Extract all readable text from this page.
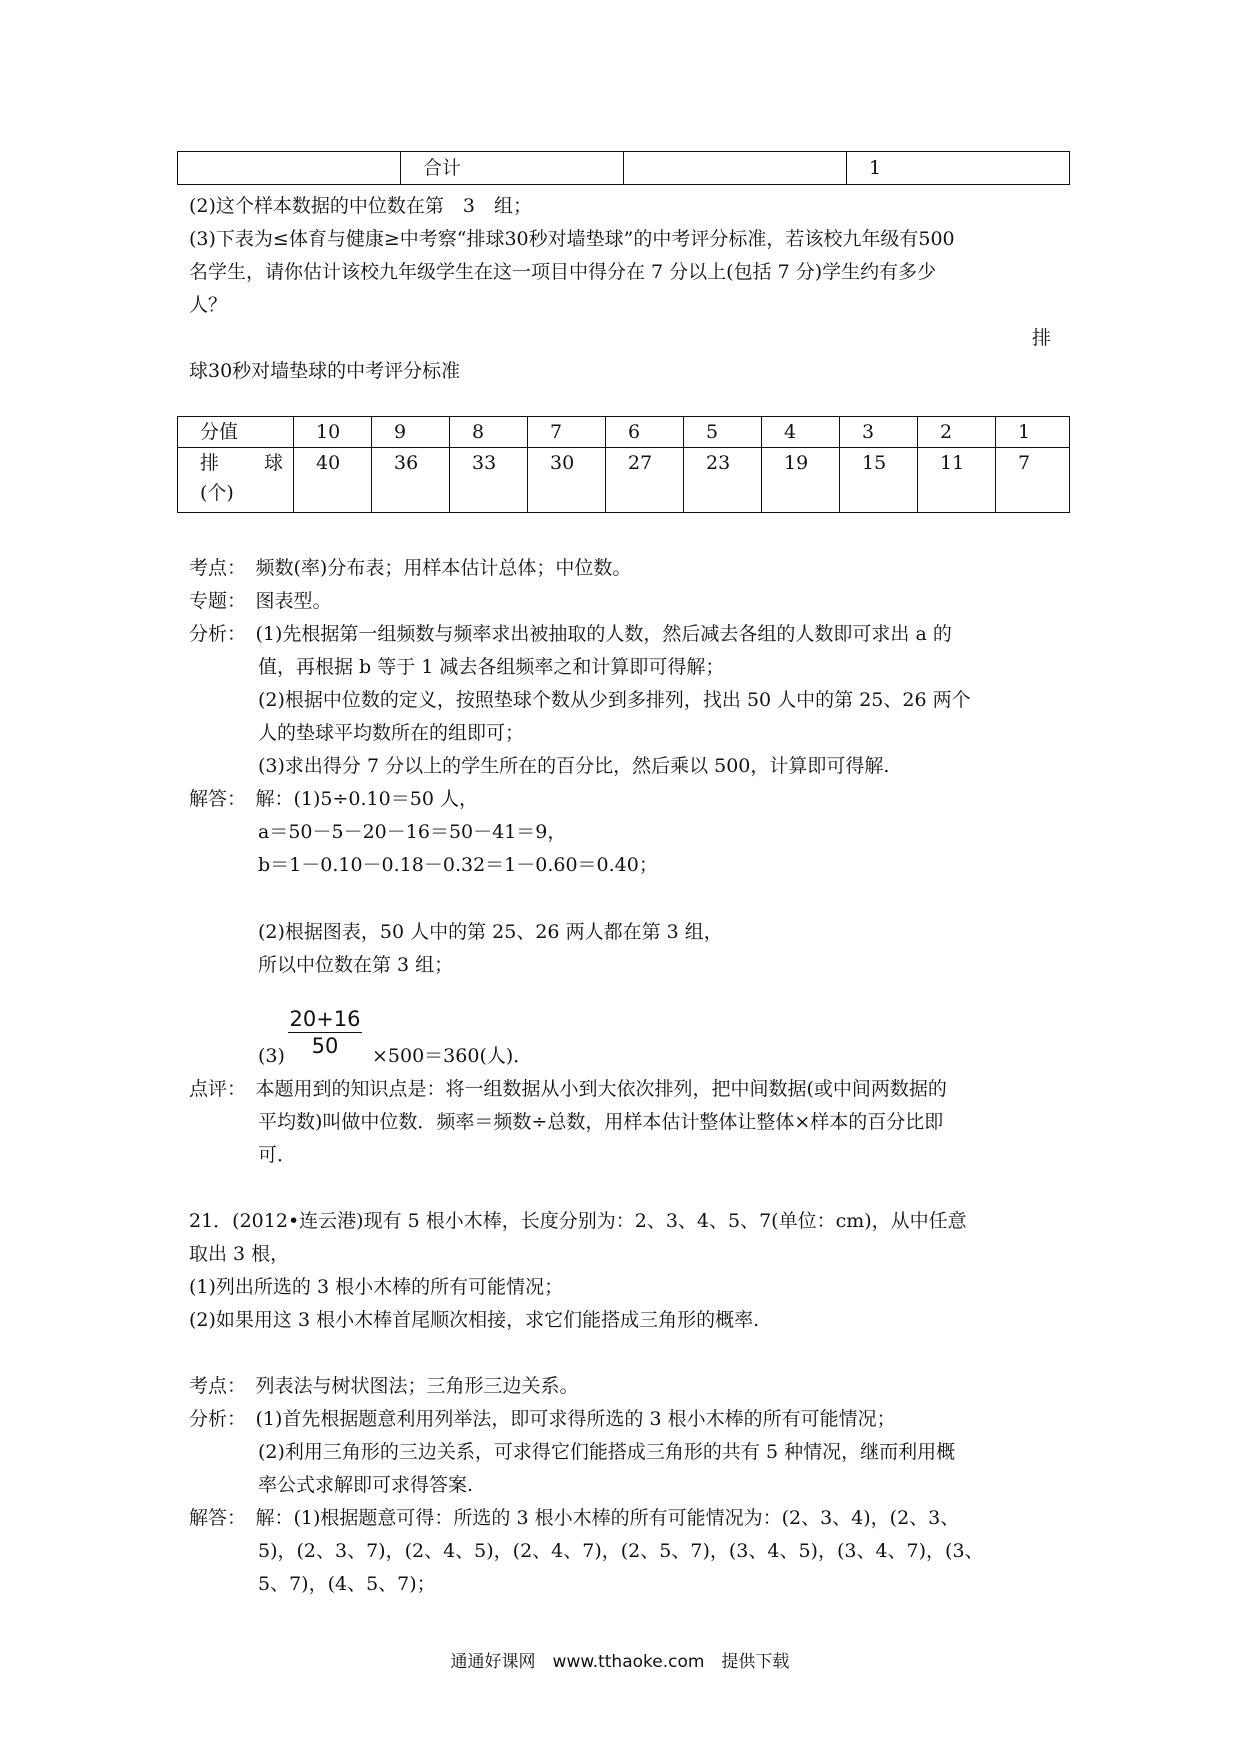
	合计		1
(2)这个样本数据的中位数在第　3　组；
(3)下表为≤体育与健康≥中考察“排球30秒对墙垫球”的中考评分标准，若该校九年级有500
名学生，请你估计该校九年级学生在这一项目中得分在 7 分以上(包括 7 分)学生约有多少
人？
排
球30秒对墙垫球的中考评分标准
分值	10	9	8	7	6	5	4	3	2	1

排 球
(个)	40	36	33	30	27	23	19	15	11	7
考点：　频数(率)分布表；用样本估计总体；中位数。
专题：　图表型。
分析：　(1)先根据第一组频数与频率求出被抽取的人数，然后减去各组的人数即可求出 a 的
值，再根据 b 等于 1 减去各组频率之和计算即可得解；
(2)根据中位数的定义，按照垫球个数从少到多排列，找出 50 人中的第 25、26 两个
人的垫球平均数所在的组即可；
(3)求出得分 7 分以上的学生所在的百分比，然后乘以 500，计算即可得解.
解答：　解：(1)5÷0.10＝50 人，
a＝50－5－20－16＝50－41＝9，
b＝1－0.10－0.18－0.32＝1－0.60＝0.40；
(2)根据图表，50 人中的第 25、26 两人都在第 3 组，
所以中位数在第 3 组；
(3)
20+16
50	×500＝360(人)．
点评：　本题用到的知识点是：将一组数据从小到大依次排列，把中间数据(或中间两数据的
平均数)叫做中位数．频率＝频数÷总数，用样本估计整体让整体×样本的百分比即
可．
21．(2012•连云港)现有 5 根小木棒，长度分别为：2、3、4、5、7(单位：cm)，从中任意
取出 3 根，
(1)列出所选的 3 根小木棒的所有可能情况；
(2)如果用这 3 根小木棒首尾顺次相接，求它们能搭成三角形的概率.
考点：　列表法与树状图法；三角形三边关系。
分析：　(1)首先根据题意利用列举法，即可求得所选的 3 根小木棒的所有可能情况；
(2)利用三角形的三边关系，可求得它们能搭成三角形的共有 5 种情况，继而利用概
率公式求解即可求得答案.
解答：　解：(1)根据题意可得：所选的 3 根小木棒的所有可能情况为：(2、3、4)，(2、3、
5)，(2、3、7)，(2、4、5)，(2、4、7)，(2、5、7)，(3、4、5)，(3、4、7)，(3、
5、7)，(4、5、7)；
通通好课网　www.tthaoke.com　提供下载
